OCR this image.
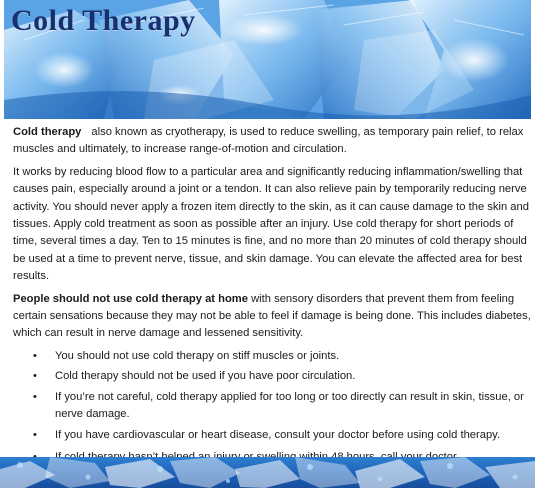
Cold Therapy

Cold therapy also known as cryotherapy, is used to reduce swelling, as temporary pain relief, to relax muscles and ultimately, to increase range-of-motion and circulation.

It works by reducing blood flow to a particular area and significantly reducing inflammation/swelling that causes pain, especially around a joint or a tendon. It can also relieve pain by temporarily reducing nerve activity. You should never apply a frozen item directly to the skin, as it can cause damage to the skin and tissues. Apply cold treatment as soon as possible after an injury. Use cold therapy for short periods of time, several times a day. Ten to 15 minutes is fine, and no more than 20 minutes of cold therapy should be used at a time to prevent nerve, tissue, and skin damage. You can elevate the affected area for best results.

People should not use cold therapy at home with sensory disorders that prevent them from feeling certain sensations because they may not be able to feel if damage is being done. This includes diabetes, which can result in nerve damage and lessened sensitivity.

• You should not use cold therapy on stiff muscles or joints.
• Cold therapy should not be used if you have poor circulation.
• If you’re not careful, cold therapy applied for too long or too directly can result in skin, tissue, or nerve damage.
• If you have cardiovascular or heart disease, consult your doctor before using cold therapy.
